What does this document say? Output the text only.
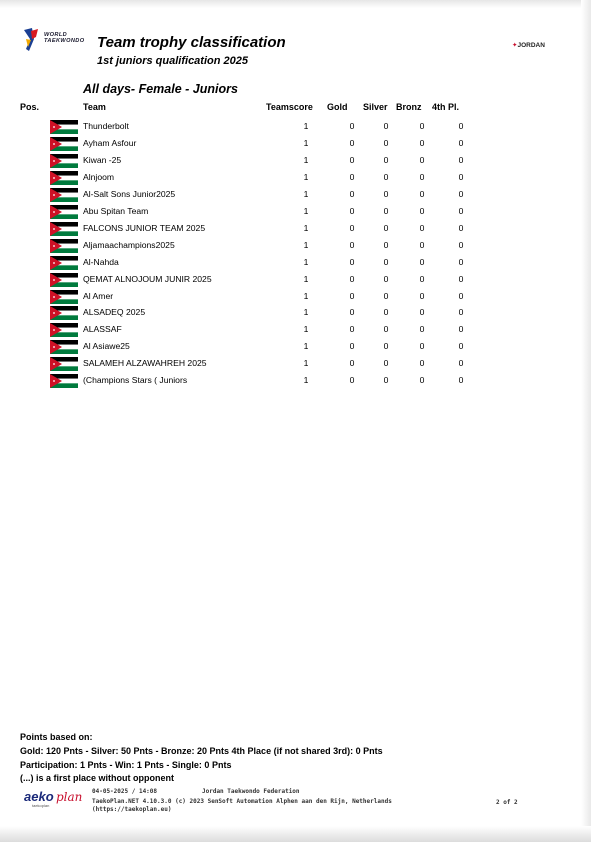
WORLD
TAEKWONDO Team trophy classification
1st juniors qualification 2025
✦JORDAN
All days- Female - Juniors
Pos.	Team	Teamscore Gold Silver Bronz 4th Pl.
Thunderbolt	1	0	0	0	0
Ayham Asfour	1	0	0	0	0
Kiwan -25	1	0	0	0	0
Alnjoom	1	0	0	0	0
Al-Salt Sons Junior2025	1	0	0	0	0
Abu Spitan Team	1	0	0	0	0
FALCONS JUNIOR TEAM 2025	1	0	0	0	0
Aljamaachampions2025	1	0	0	0	0
Al-Nahda	1	0	0	0	0
QEMAT ALNOJOUM JUNIR 2025	1	0	0	0	0
Al Amer	1	0	0	0	0
ALSADEQ 2025	1	0	0	0	0
ALASSAF	1	0	0	0	0
Al Asiawe25	1	0	0	0	0
SALAMEH ALZAWAHREH 2025	1	0	0	0	0
(Champions Stars ( Juniors	1	0	0	0	0
Points based on:
Gold: 120 Pnts - Silver: 50 Pnts - Bronze: 20 Pnts 4th Place (if not shared 3rd): 0 Pnts
Participation: 1 Pnts - Win: 1 Pnts - Single: 0 Pnts
(...) is a first place without opponent
aeko plan
taekoplan
04-05-2025 / 14:08	Jordan Taekwondo Federation
TaekoPlan.NET 4.10.3.0 (c) 2023 SenSoft Automation Alphen aan den Rijn, Netherlands
(https://taekoplan.eu)
2 of 2
